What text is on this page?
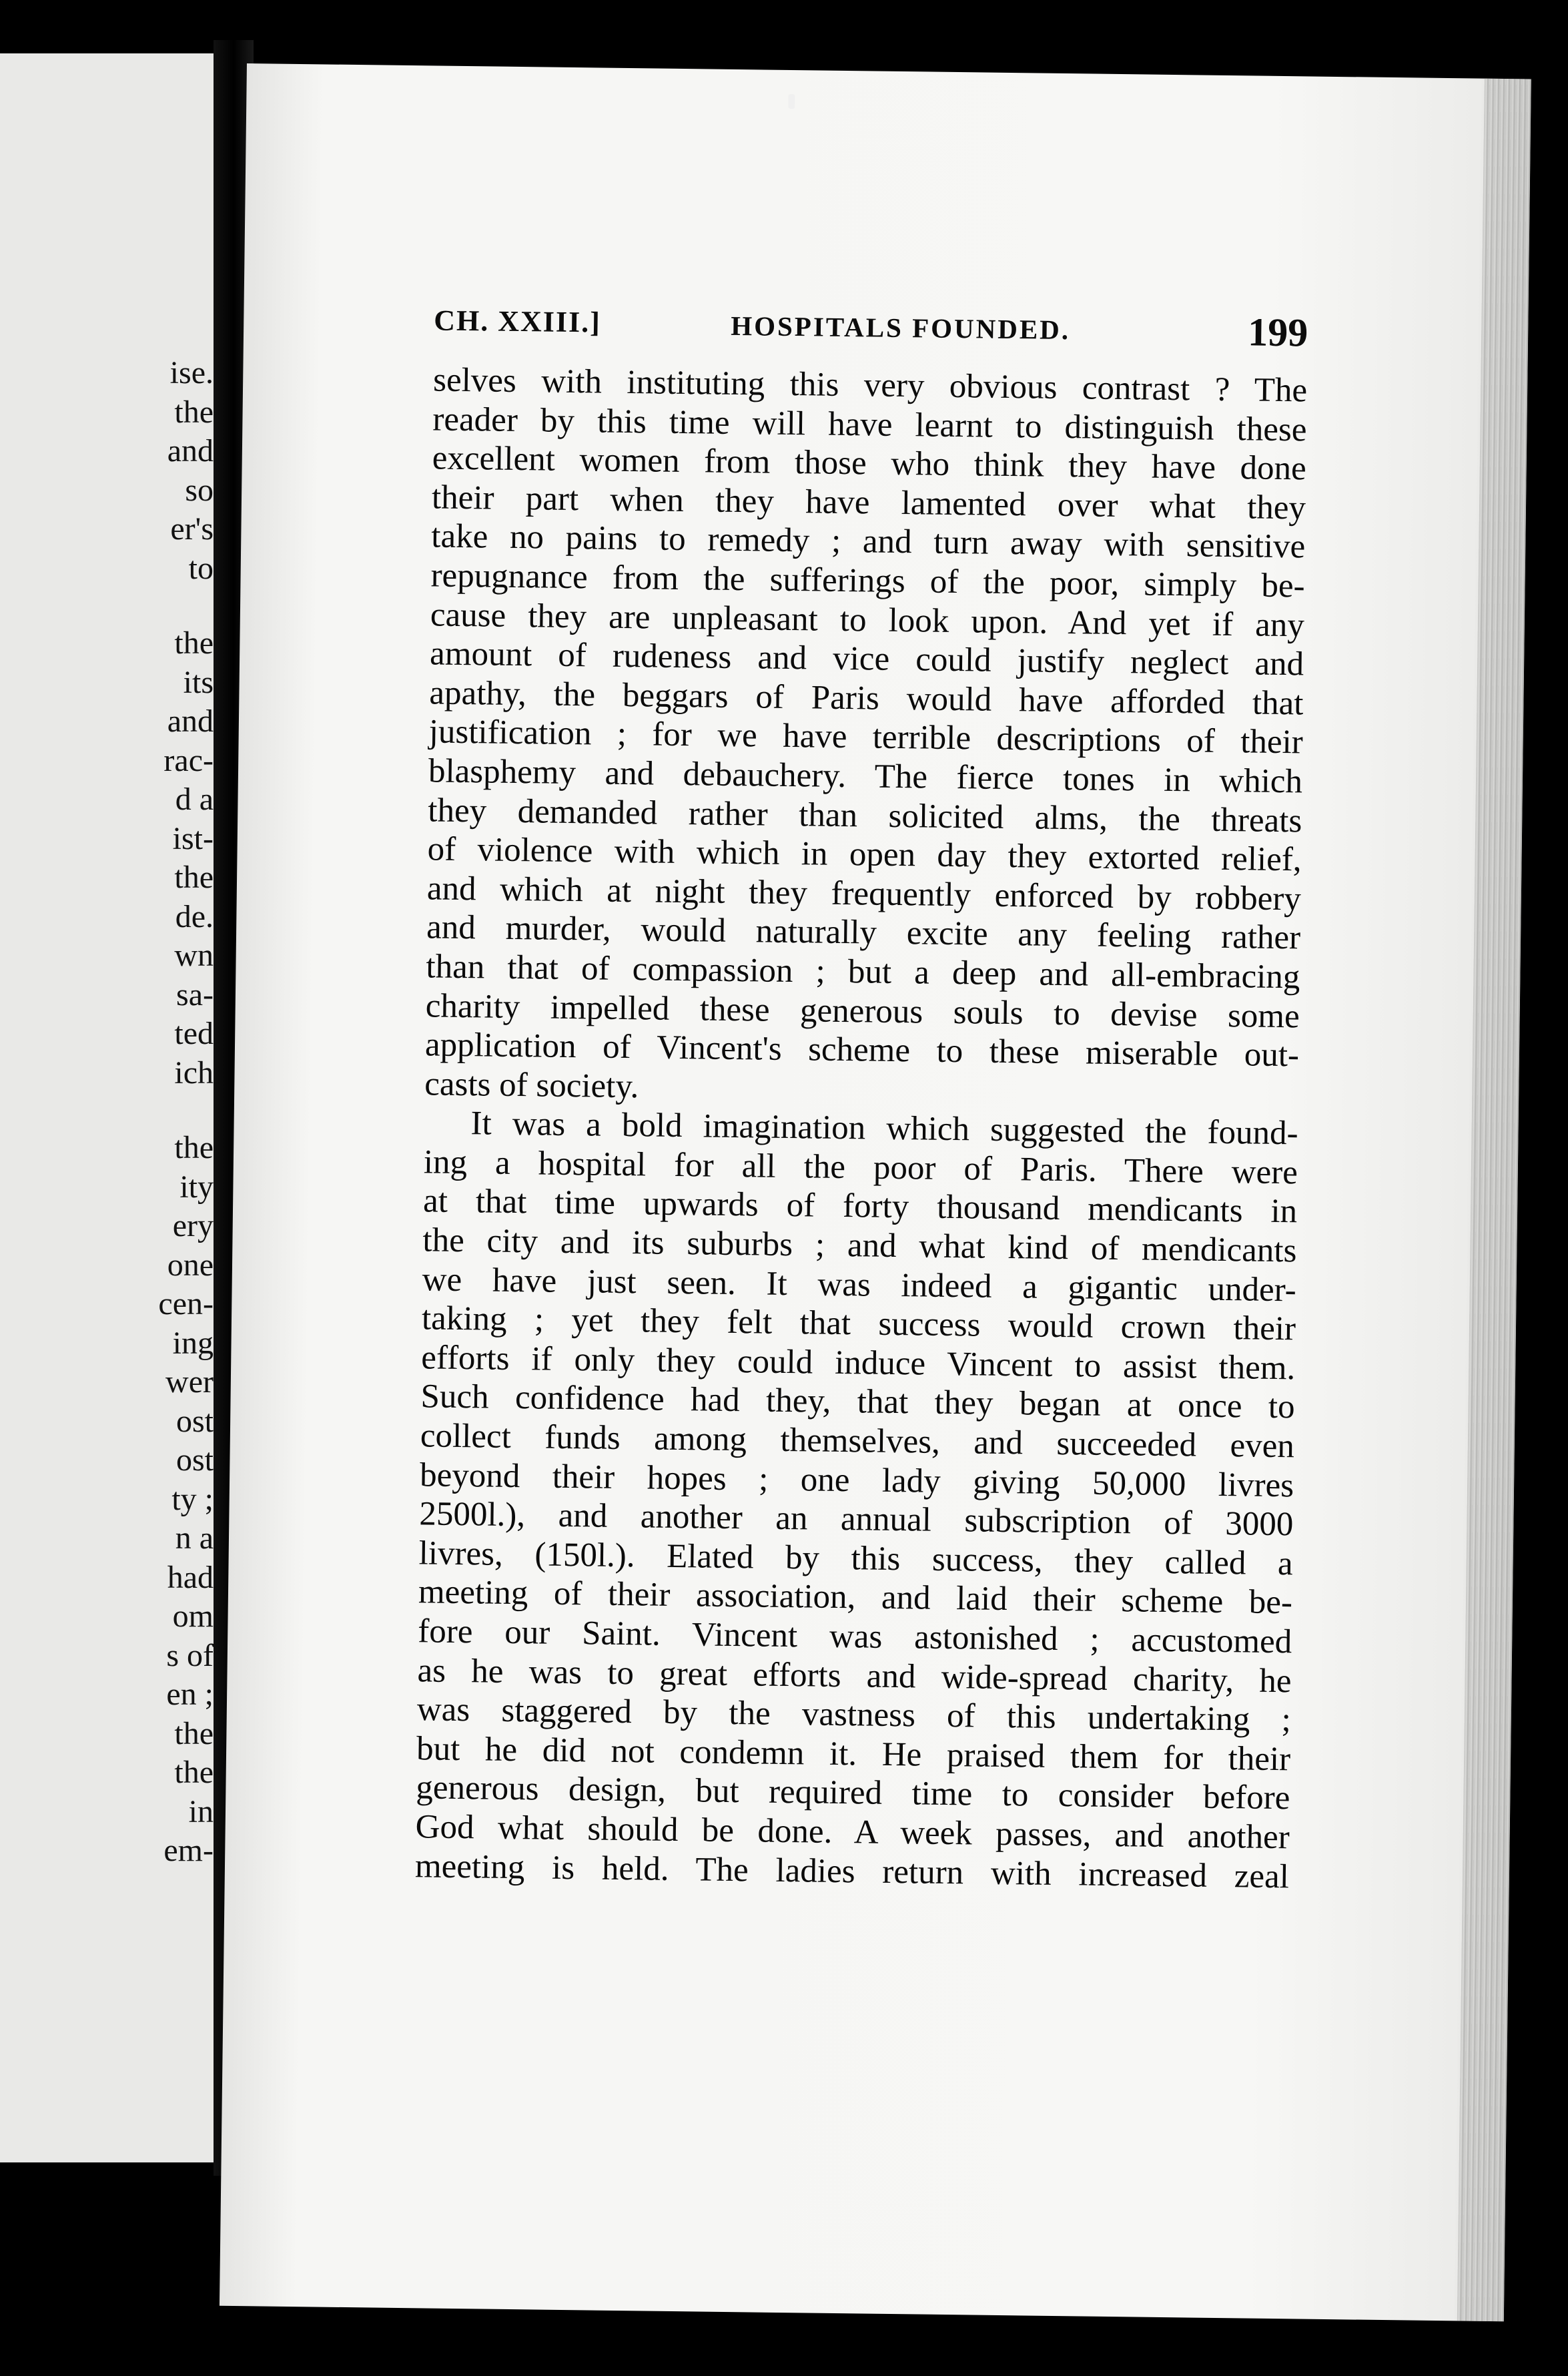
ise.
the
and
so
er's
to
the
its
and
rac-
d a
ist-
the
de.
wn
sa-
ted
ich
the
ity
ery
one
cen-
ing
wer
ost
ost
ty ;
n a
had
om
s of
en ;
the
the
in
em-
CH. XXIII.]	HOSPITALS FOUNDED.	199
selves with instituting this very obvious contrast ? The
reader by this time will have learnt to distinguish these
excellent women from those who think they have done
their part when they have lamented over what they
take no pains to remedy ; and turn away with sensitive
repugnance from the sufferings of the poor, simply be-
cause they are unpleasant to look upon. And yet if any
amount of rudeness and vice could justify neglect and
apathy, the beggars of Paris would have afforded that
justification ; for we have terrible descriptions of their
blasphemy and debauchery. The fierce tones in which
they demanded rather than solicited alms, the threats
of violence with which in open day they extorted relief,
and which at night they frequently enforced by robbery
and murder, would naturally excite any feeling rather
than that of compassion ; but a deep and all-embracing
charity impelled these generous souls to devise some
application of Vincent's scheme to these miserable out-
casts of society.
It was a bold imagination which suggested the found-
ing a hospital for all the poor of Paris. There were
at that time upwards of forty thousand mendicants in
the city and its suburbs ; and what kind of mendicants
we have just seen. It was indeed a gigantic under-
taking ; yet they felt that success would crown their
efforts if only they could induce Vincent to assist them.
Such confidence had they, that they began at once to
collect funds among themselves, and succeeded even
beyond their hopes ; one lady giving 50,000 livres
2500l.), and another an annual subscription of 3000
livres, (150l.). Elated by this success, they called a
meeting of their association, and laid their scheme be-
fore our Saint. Vincent was astonished ; accustomed
as he was to great efforts and wide-spread charity, he
was staggered by the vastness of this undertaking ;
but he did not condemn it. He praised them for their
generous design, but required time to consider before
God what should be done. A week passes, and another
meeting is held. The ladies return with increased zeal
